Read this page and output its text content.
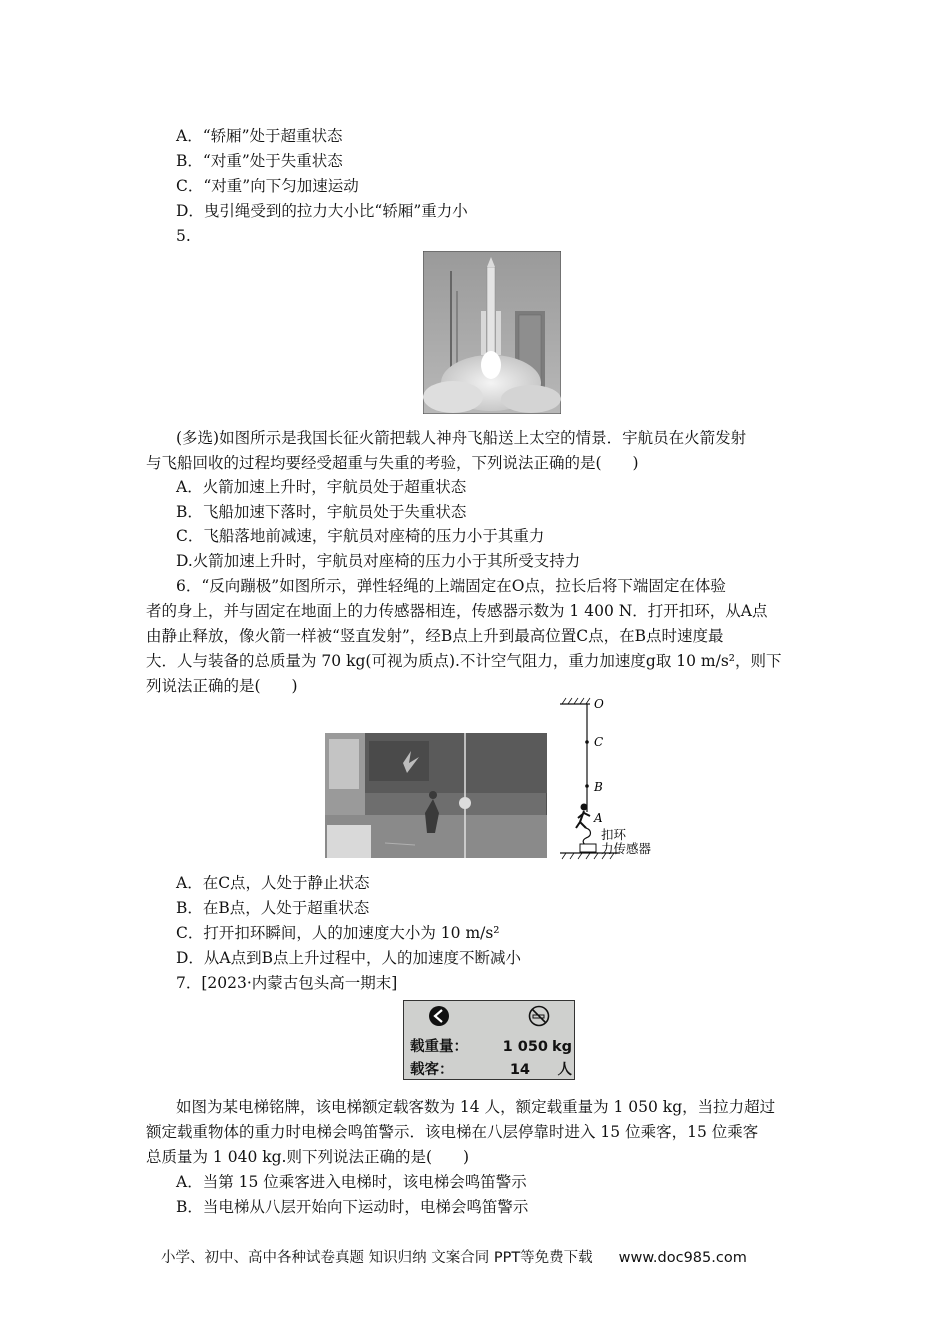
A．“轿厢”处于超重状态
B．“对重”处于失重状态
C．“对重”向下匀加速运动
D．曳引绳受到的拉力大小比“轿厢”重力小
5.
(多选)如图所示是我国长征火箭把载人神舟飞船送上太空的情景．宇航员在火箭发射
与飞船回收的过程均要经受超重与失重的考验，下列说法正确的是(　　)
A．火箭加速上升时，宇航员处于超重状态
B．飞船加速下落时，宇航员处于失重状态
C．飞船落地前减速，宇航员对座椅的压力小于其重力
D.火箭加速上升时，宇航员对座椅的压力小于其所受支持力
6．“反向蹦极”如图所示，弹性轻绳的上端固定在O点，拉长后将下端固定在体验
者的身上，并与固定在地面上的力传感器相连，传感器示数为 1 400 N．打开扣环，从A点
由静止释放，像火箭一样被“竖直发射”，经B点上升到最高位置C点，在B点时速度最
大．人与装备的总质量为 70 kg(可视为质点).不计空气阻力，重力加速度g取 10 m/s²，则下
列说法正确的是(　　)
O
C
B
A
扣环
力传感器
A．在C点，人处于静止状态
B．在B点，人处于超重状态
C．打开扣环瞬间，人的加速度大小为 10 m/s²
D．从A点到B点上升过程中，人的加速度不断减小
7．[2023·内蒙古包头高一期末]
载重量： 1 050 kg
载客：	14 人
如图为某电梯铭牌，该电梯额定载客数为 14 人，额定载重量为 1 050 kg，当拉力超过
额定载重物体的重力时电梯会鸣笛警示．该电梯在八层停靠时进入 15 位乘客，15 位乘客
总质量为 1 040 kg.则下列说法正确的是(　　)
A．当第 15 位乘客进入电梯时，该电梯会鸣笛警示
B．当电梯从八层开始向下运动时，电梯会鸣笛警示
小学、初中、高中各种试卷真题 知识归纳 文案合同 PPT等免费下载 www.doc985.com
